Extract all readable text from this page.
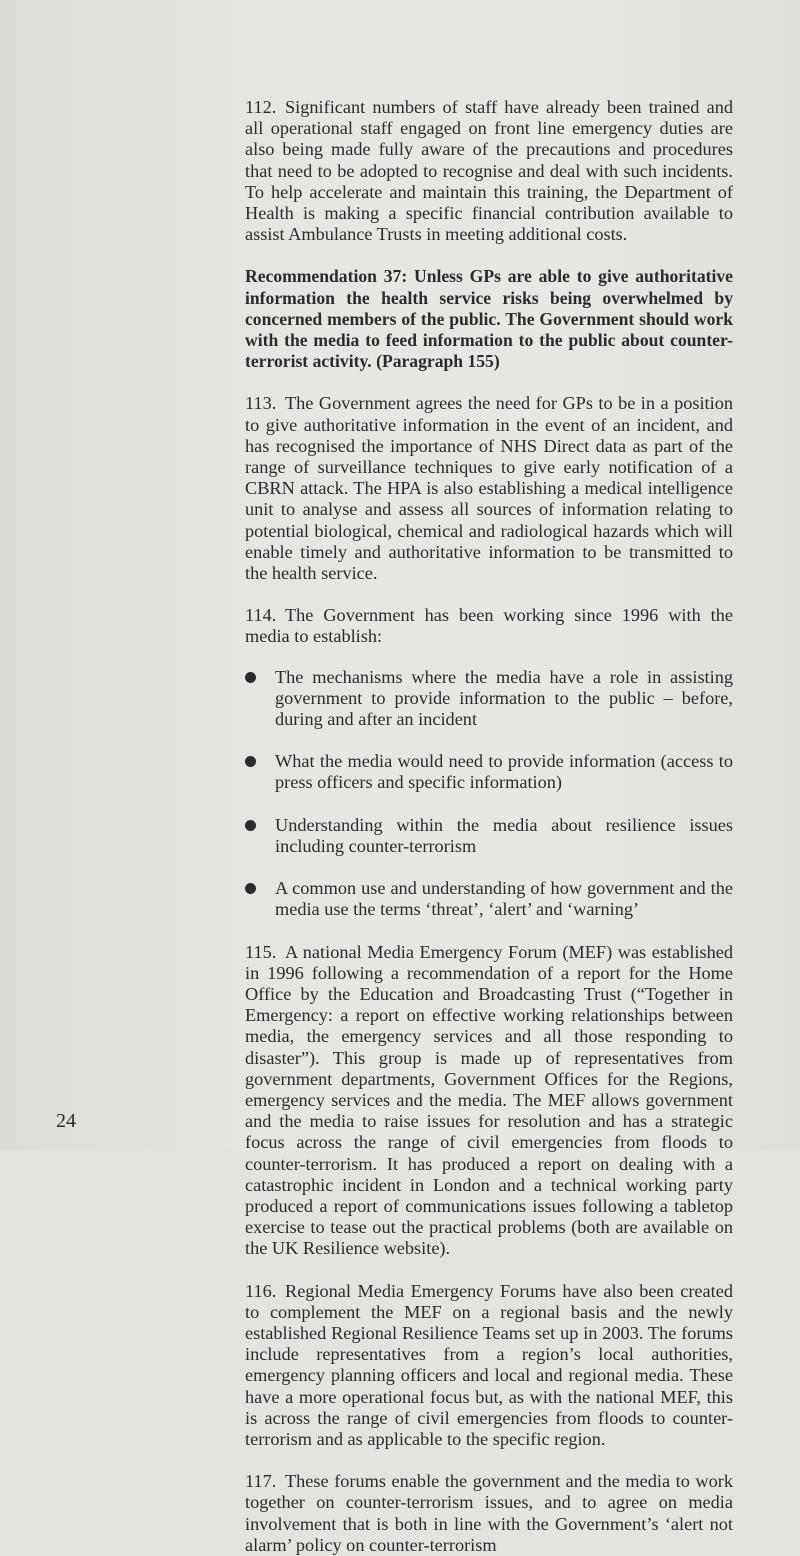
112. Significant numbers of staff have already been trained and all operational staff engaged on front line emergency duties are also being made fully aware of the precautions and procedures that need to be adopted to recognise and deal with such incidents. To help accelerate and maintain this training, the Department of Health is making a specific financial contribution available to assist Ambulance Trusts in meeting additional costs.

Recommendation 37: Unless GPs are able to give authoritative information the health service risks being overwhelmed by concerned members of the public. The Government should work with the media to feed information to the public about counter-terrorist activity. (Paragraph 155)

113. The Government agrees the need for GPs to be in a position to give authoritative information in the event of an incident, and has recognised the importance of NHS Direct data as part of the range of surveillance techniques to give early notification of a CBRN attack. The HPA is also establishing a medical intelligence unit to analyse and assess all sources of information relating to potential biological, chemical and radiological hazards which will enable timely and authoritative information to be transmitted to the health service.

114. The Government has been working since 1996 with the media to establish:

The mechanisms where the media have a role in assisting government to provide information to the public – before, during and after an incident
What the media would need to provide information (access to press officers and specific information)
Understanding within the media about resilience issues including counter-terrorism
A common use and understanding of how government and the media use the terms ‘threat’, ‘alert’ and ‘warning’

115. A national Media Emergency Forum (MEF) was established in 1996 following a recommendation of a report for the Home Office by the Education and Broadcasting Trust (“Together in Emergency: a report on effective working relationships between media, the emergency services and all those responding to disaster”). This group is made up of representatives from government departments, Government Offices for the Regions, emergency services and the media. The MEF allows government and the media to raise issues for resolution and has a strategic focus across the range of civil emergencies from floods to counter-terrorism. It has produced a report on dealing with a catastrophic incident in London and a technical working party produced a report of communications issues following a tabletop exercise to tease out the practical problems (both are available on the UK Resilience website).

116. Regional Media Emergency Forums have also been created to complement the MEF on a regional basis and the newly established Regional Resilience Teams set up in 2003. The forums include representatives from a region’s local authorities, emergency planning officers and local and regional media. These have a more operational focus but, as with the national MEF, this is across the range of civil emergencies from floods to counter-terrorism and as applicable to the specific region.

117. These forums enable the government and the media to work together on counter-terrorism issues, and to agree on media involvement that is both in line with the Government’s ‘alert not alarm’ policy on counter-terrorism

24
